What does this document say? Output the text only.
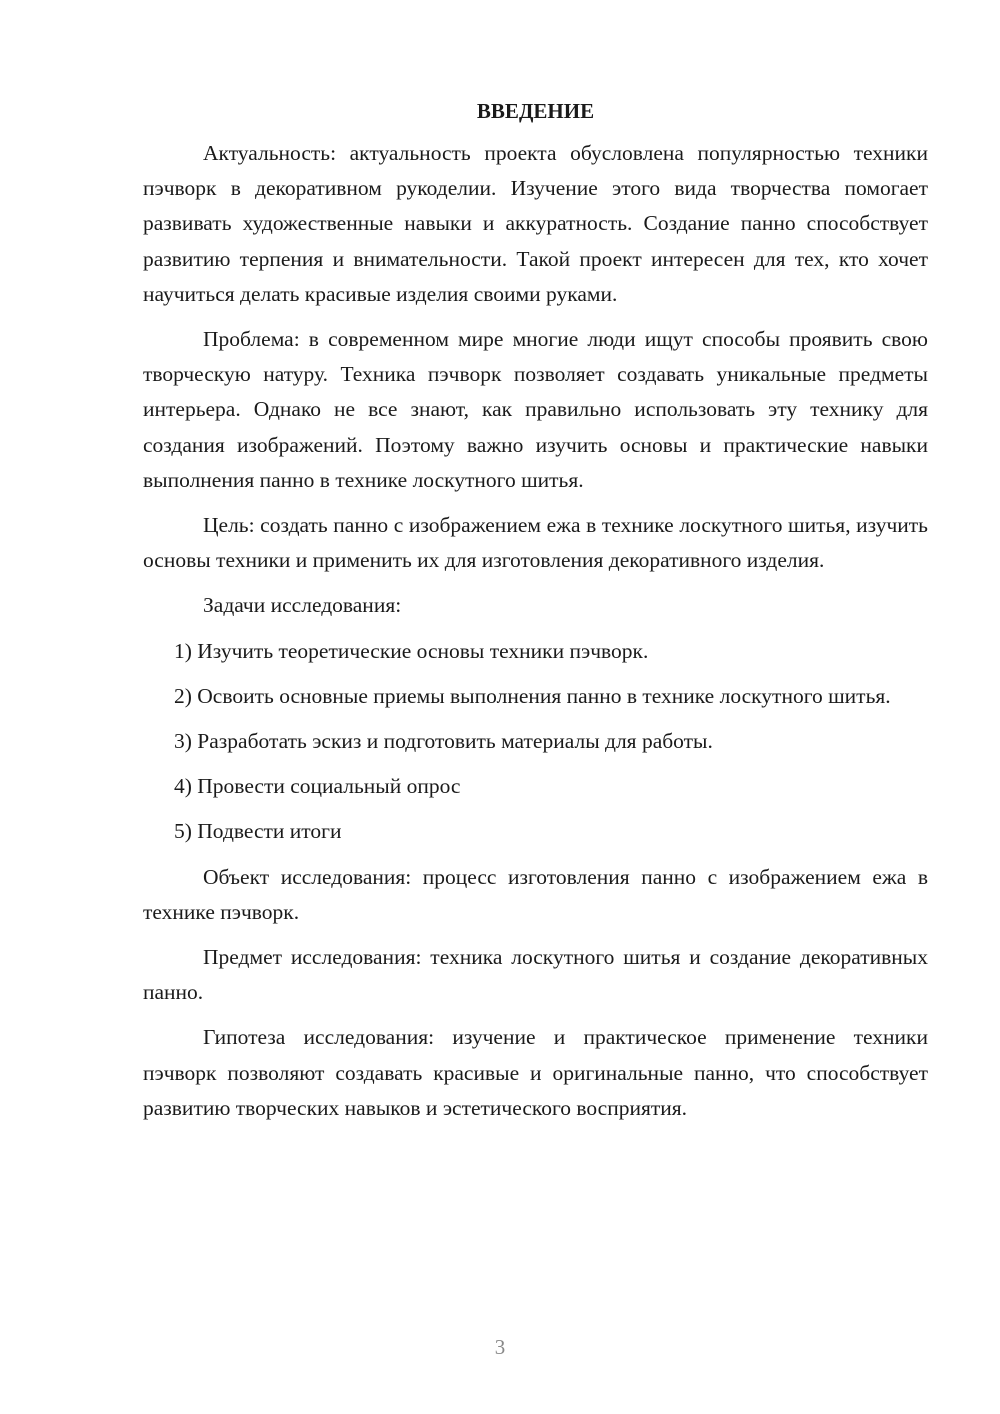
ВВЕДЕНИЕ

Актуальность: актуальность проекта обусловлена популярностью техники пэчворк в декоративном рукоделии. Изучение этого вида творчества помогает развивать художественные навыки и аккуратность. Создание панно способствует развитию терпения и внимательности. Такой проект интересен для тех, кто хочет научиться делать красивые изделия своими руками.

Проблема: в современном мире многие люди ищут способы проявить свою творческую натуру. Техника пэчворк позволяет создавать уникальные предметы интерьера. Однако не все знают, как правильно использовать эту технику для создания изображений. Поэтому важно изучить основы и практические навыки выполнения панно в технике лоскутного шитья.

Цель: создать панно с изображением ежа в технике лоскутного шитья, изучить основы техники и применить их для изготовления декоративного изделия.

Задачи исследования:

1) Изучить теоретические основы техники пэчворк.

2) Освоить основные приемы выполнения панно в технике лоскутного шитья.

3) Разработать эскиз и подготовить материалы для работы.

4) Провести социальный опрос

5) Подвести итоги

Объект исследования: процесс изготовления панно с изображением ежа в технике пэчворк.

Предмет исследования: техника лоскутного шитья и создание декоративных панно.

Гипотеза исследования: изучение и практическое применение техники пэчворк позволяют создавать красивые и оригинальные панно, что способствует развитию творческих навыков и эстетического восприятия.

3
